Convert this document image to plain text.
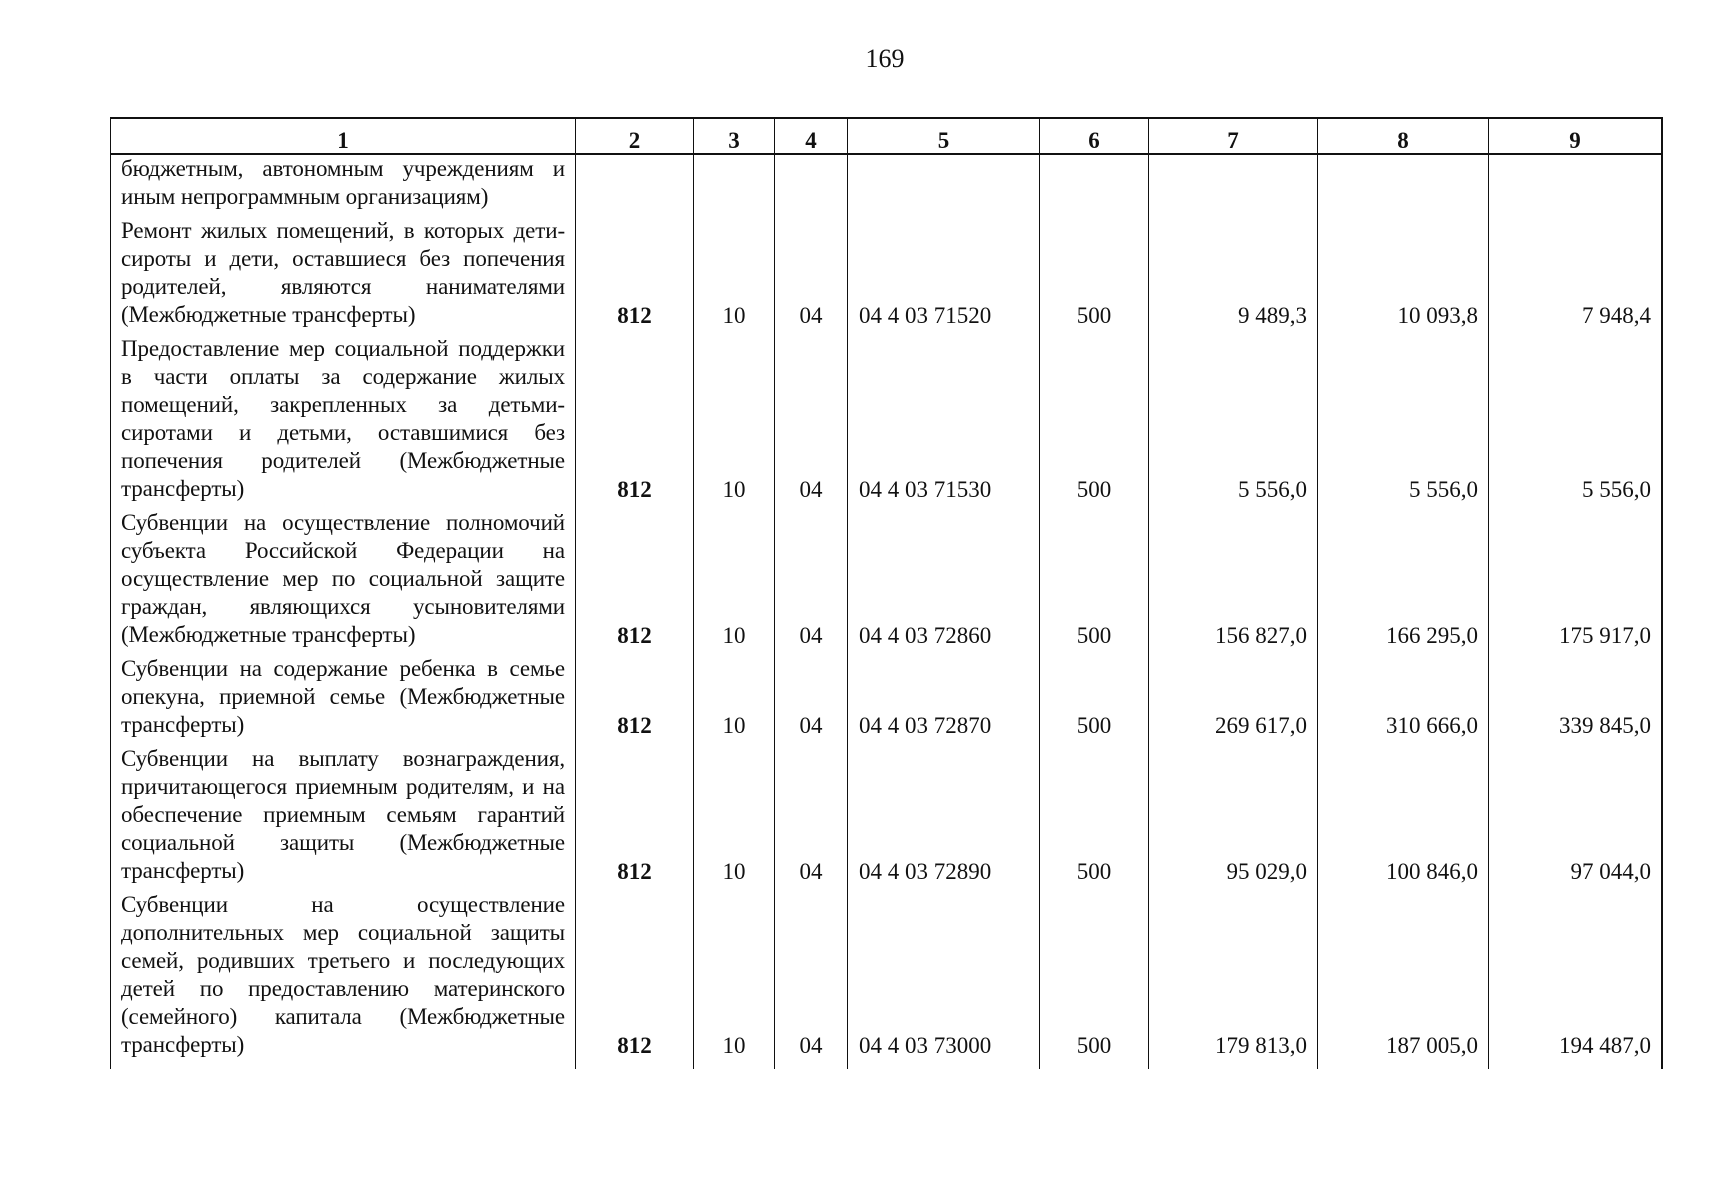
169
1	2	3	4	5	6	7	8	9
бюджетным, автономным учреждениям и иным непрограммным организациям)
Ремонт жилых помещений, в которых дети-сироты и дети, оставшиеся без попечения родителей, являются нанимателями (Межбюджетные трансферты)	812	10	04	04 4 03 71520	500	9 489,3	10 093,8	7 948,4
Предоставление мер социальной поддержки в части оплаты за содержание жилых помещений, закрепленных за детьми-сиротами и детьми, оставшимися без попечения родителей (Межбюджетные трансферты)	812	10	04	04 4 03 71530	500	5 556,0	5 556,0	5 556,0
Субвенции на осуществление полномочий субъекта Российской Федерации на осуществление мер по социальной защите граждан, являющихся усыновителями (Межбюджетные трансферты)	812	10	04	04 4 03 72860	500	156 827,0	166 295,0	175 917,0
Субвенции на содержание ребенка в семье опекуна, приемной семье (Межбюджетные трансферты)	812	10	04	04 4 03 72870	500	269 617,0	310 666,0	339 845,0
Субвенции на выплату вознаграждения, причитающегося приемным родителям, и на обеспечение приемным семьям гарантий социальной защиты (Межбюджетные трансферты)	812	10	04	04 4 03 72890	500	95 029,0	100 846,0	97 044,0
Субвенции на осуществление дополнительных мер социальной защиты семей, родивших третьего и последующих детей по предоставлению материнского (семейного) капитала (Межбюджетные трансферты)	812	10	04	04 4 03 73000	500	179 813,0	187 005,0	194 487,0
